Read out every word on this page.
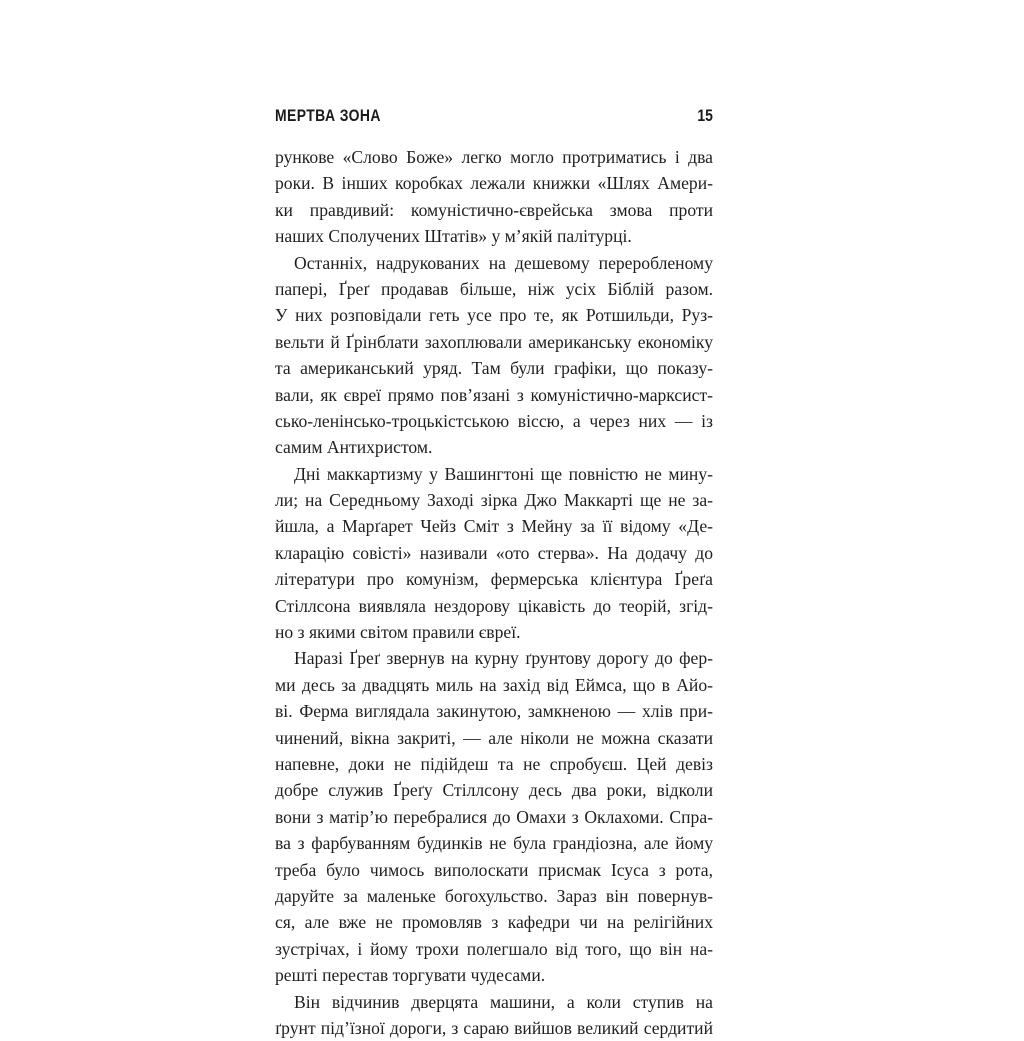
МЕРТВА ЗОНА	15

рункове «Слово Боже» легко могло протриматись і два
роки. В інших коробках лежали книжки «Шлях Амери-
ки правдивий: комуністично-єврейська змова проти
наших Сполучених Штатів» у м’якій палітурці.

Останніх, надрукованих на дешевому переробленому
папері, Ґреґ продавав більше, ніж усіх Біблій разом.
У них розповідали геть усе про те, як Ротшильди, Руз-
вельти й Ґрінблати захоплювали американську економіку
та американський уряд. Там були графіки, що показу-
вали, як євреї прямо пов’язані з комуністично-марксист-
сько-ленінсько-троцькістською віссю, а через них — із
самим Антихристом.

Дні маккартизму у Вашингтоні ще повністю не мину-
ли; на Середньому Заході зірка Джо Маккарті ще не за-
йшла, а Марґарет Чейз Сміт з Мейну за її відому «Де-
кларацію совісті» називали «ото стерва». На додачу до
літератури про комунізм, фермерська клієнтура Ґреґа
Стіллсона виявляла нездорову цікавість до теорій, згід-
но з якими світом правили євреї.

Наразі Ґреґ звернув на курну ґрунтову дорогу до фер-
ми десь за двадцять миль на захід від Еймса, що в Айо-
ві. Ферма виглядала закинутою, замкненою — хлів при-
чинений, вікна закриті, — але ніколи не можна сказати
напевне, доки не підійдеш та не спробуєш. Цей девіз
добре служив Ґреґу Стіллсону десь два роки, відколи
вони з матір’ю перебралися до Омахи з Оклахоми. Спра-
ва з фарбуванням будинків не була грандіозна, але йому
треба було чимось виполоскати присмак Ісуса з рота,
даруйте за маленьке богохульство. Зараз він повернув-
ся, але вже не промовляв з кафедри чи на релігійних
зустрічах, і йому трохи полегшало від того, що він на-
решті перестав торгувати чудесами.

Він відчинив дверцята машини, а коли ступив на
ґрунт під’їзної дороги, з сараю вийшов великий сердитий
